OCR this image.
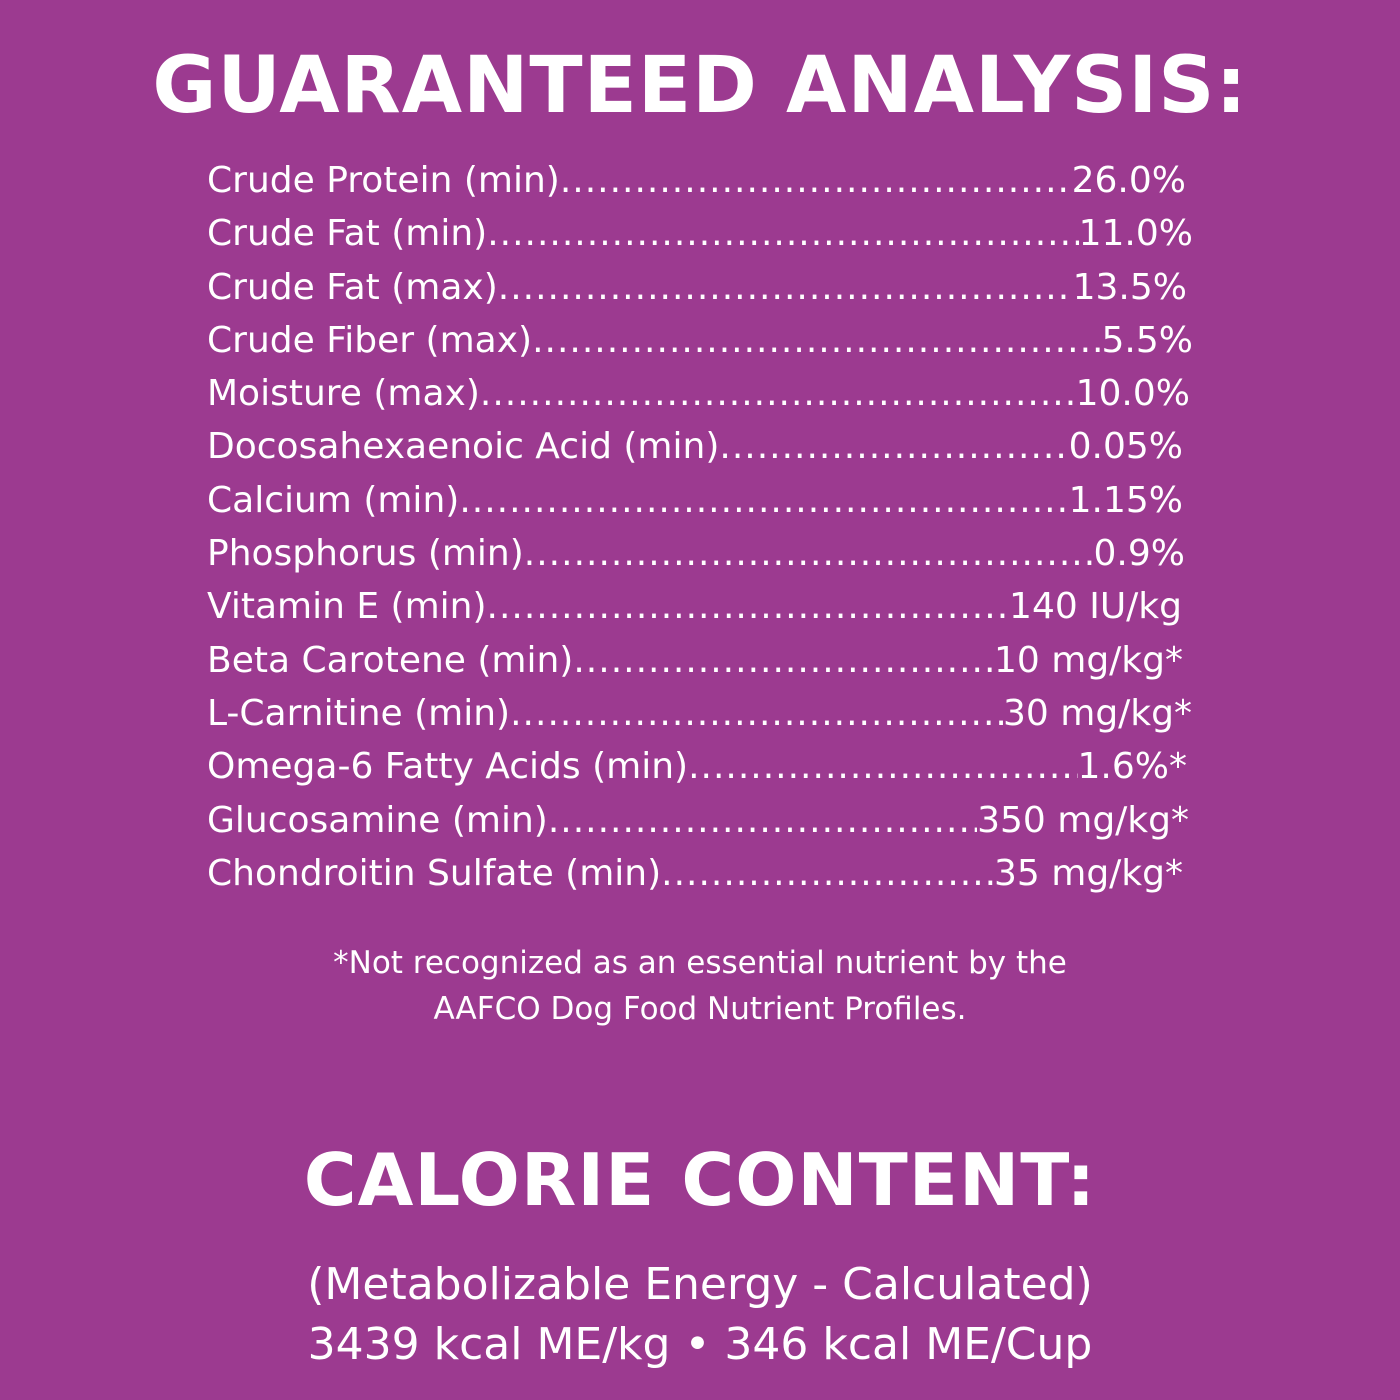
GUARANTEED ANALYSIS:
Crude Protein (min) .....	26.0%
Crude Fat (min) .....	11.0%
Crude Fat (max) .....	13.5%
Crude Fiber (max) .....	5.5%
Moisture (max) .....	10.0%
Docosahexaenoic Acid (min) .....	0.05%
Calcium (min) .....	1.15%
Phosphorus (min) .....	0.9%
Vitamin E (min) .....	140 IU/kg
Beta Carotene (min) .....	10 mg/kg*
L-Carnitine (min) .....	30 mg/kg*
Omega-6 Fatty Acids (min) .....	1.6%*
Glucosamine (min) .....	350 mg/kg*
Chondroitin Sulfate (min) .....	35 mg/kg*
*Not recognized as an essential nutrient by the
AAFCO Dog Food Nutrient Profiles.
CALORIE CONTENT:
(Metabolizable Energy - Calculated)
3439 kcal ME/kg • 346 kcal ME/Cup
